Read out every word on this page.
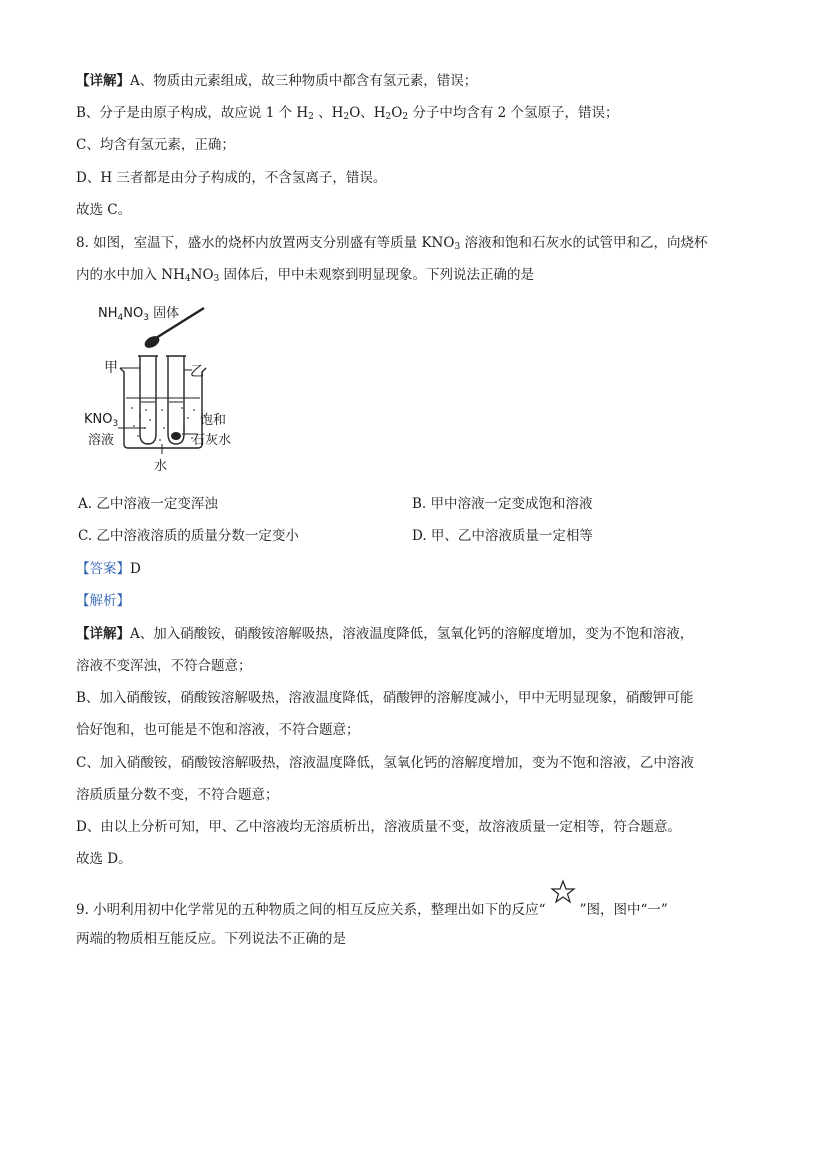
【详解】A、物质由元素组成，故三种物质中都含有氢元素，错误；
B、分子是由原子构成，故应说 1 个 $H_2$ 、$H_2O$、$H_2O_2$ 分子中均含有 2 个氢原子，错误；
C、均含有氢元素，正确；
D、H 三者都是由分子构成的，不含氢离子，错误。
故选 C。
8. 如图，室温下，盛水的烧杯内放置两支分别盛有等质量 $KNO_3$ 溶液和饱和石灰水的试管甲和乙，向烧杯
内的水中加入 $NH_4NO_3$ 固体后，甲中未观察到明显现象。下列说法正确的是
$NH_4NO_3$ 固体
甲	乙
$KNO_3$
溶液
饱和
石灰水
水
A. 乙中溶液一定变浑浊	B. 甲中溶液一定变成饱和溶液
C. 乙中溶液溶质的质量分数一定变小	D. 甲、乙中溶液质量一定相等
【答案】D
【解析】
【详解】A、加入硝酸铵，硝酸铵溶解吸热，溶液温度降低，氢氧化钙的溶解度增加，变为不饱和溶液，
溶液不变浑浊，不符合题意；
B、加入硝酸铵，硝酸铵溶解吸热，溶液温度降低，硝酸钾的溶解度减小，甲中无明显现象，硝酸钾可能
恰好饱和，也可能是不饱和溶液，不符合题意；
C、加入硝酸铵，硝酸铵溶解吸热，溶液温度降低，氢氧化钙的溶解度增加，变为不饱和溶液，乙中溶液
溶质质量分数不变，不符合题意；
D、由以上分析可知，甲、乙中溶液均无溶质析出，溶液质量不变，故溶液质量一定相等，符合题意。
故选 D。
9. 小明利用初中化学常见的五种物质之间的相互反应关系，整理出如下的反应“	”图，图中“一”
两端的物质相互能反应。下列说法不正确的是
